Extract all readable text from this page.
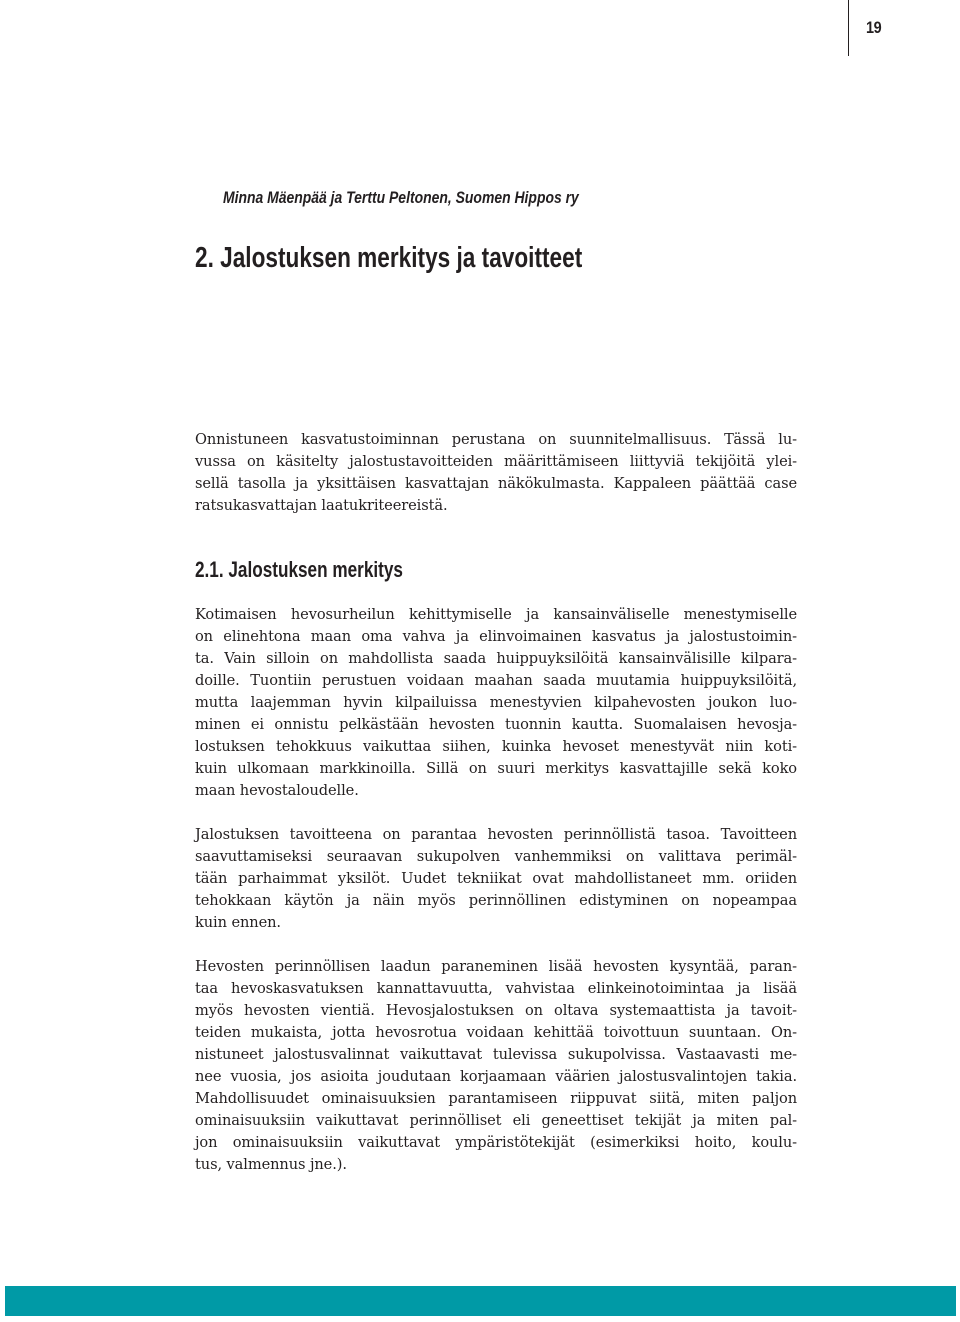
19
Minna Mäenpää ja Terttu Peltonen, Suomen Hippos ry
2. Jalostuksen merkitys ja tavoitteet
Onnistuneen kasvatustoiminnan perustana on suunnitelmallisuus. Tässä lu-
vussa on käsitelty jalostustavoitteiden määrittämiseen liittyviä tekijöitä ylei-
sellä tasolla ja yksittäisen kasvattajan näkökulmasta. Kappaleen päättää case
ratsukasvattajan laatukriteereistä.
2.1. Jalostuksen merkitys
Kotimaisen hevosurheilun kehittymiselle ja kansainväliselle menestymiselle
on elinehtona maan oma vahva ja elinvoimainen kasvatus ja jalostustoimin-
ta. Vain silloin on mahdollista saada huippuyksilöitä kansainvälisille kilpara-
doille. Tuontiin perustuen voidaan maahan saada muutamia huippuyksilöitä,
mutta laajemman hyvin kilpailuissa menestyvien kilpahevosten joukon luo-
minen ei onnistu pelkästään hevosten tuonnin kautta. Suomalaisen hevosja-
lostuksen tehokkuus vaikuttaa siihen, kuinka hevoset menestyvät niin koti-
kuin ulkomaan markkinoilla. Sillä on suuri merkitys kasvattajille sekä koko
maan hevostaloudelle.
Jalostuksen tavoitteena on parantaa hevosten perinnöllistä tasoa. Tavoitteen
saavuttamiseksi seuraavan sukupolven vanhemmiksi on valittava perimäl-
tään parhaimmat yksilöt. Uudet tekniikat ovat mahdollistaneet mm. oriiden
tehokkaan käytön ja näin myös perinnöllinen edistyminen on nopeampaa
kuin ennen.
Hevosten perinnöllisen laadun paraneminen lisää hevosten kysyntää, paran-
taa hevoskasvatuksen kannattavuutta, vahvistaa elinkeinotoimintaa ja lisää
myös hevosten vientiä. Hevosjalostuksen on oltava systemaattista ja tavoit-
teiden mukaista, jotta hevosrotua voidaan kehittää toivottuun suuntaan. On-
nistuneet jalostusvalinnat vaikuttavat tulevissa sukupolvissa. Vastaavasti me-
nee vuosia, jos asioita joudutaan korjaamaan väärien jalostusvalintojen takia.
Mahdollisuudet ominaisuuksien parantamiseen riippuvat siitä, miten paljon
ominaisuuksiin vaikuttavat perinnölliset eli geneettiset tekijät ja miten pal-
jon ominaisuuksiin vaikuttavat ympäristötekijät (esimerkiksi hoito, koulu-
tus, valmennus jne.).
